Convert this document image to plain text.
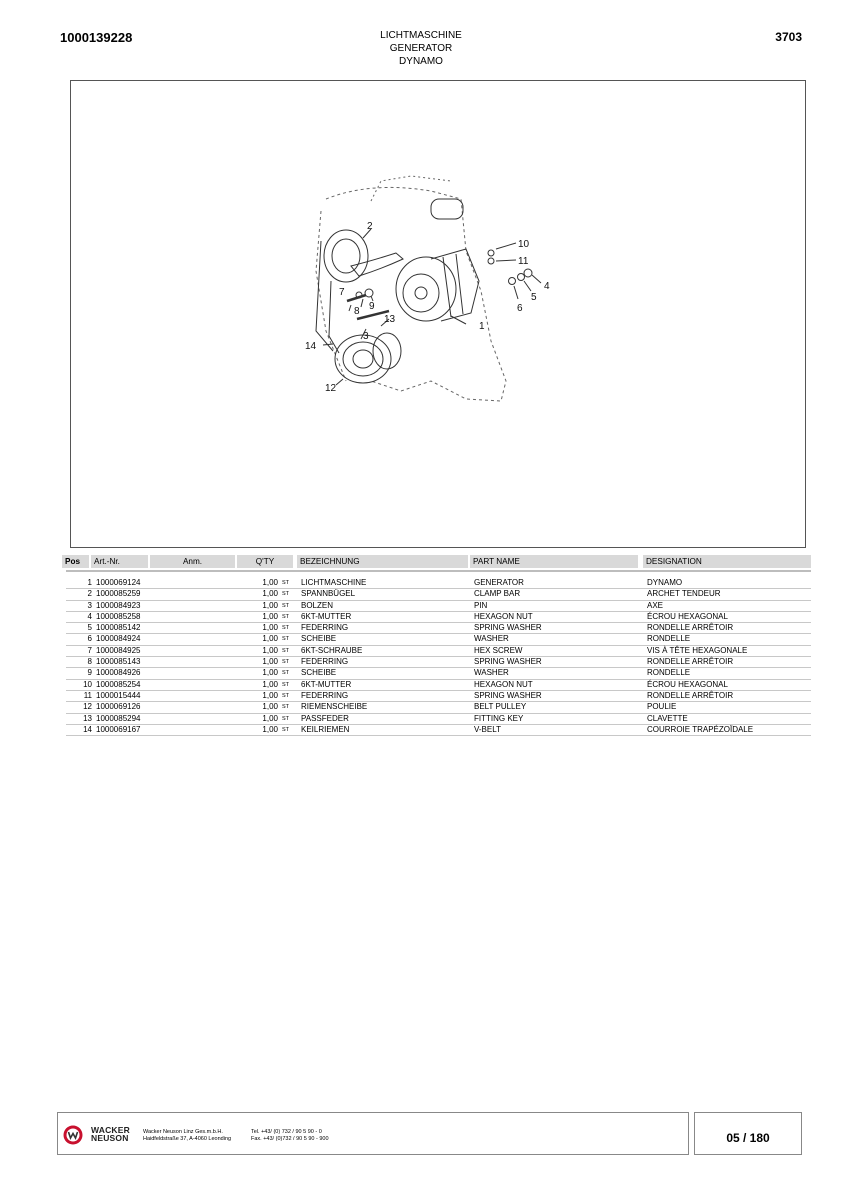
1000139228	LICHTMASCHINE
GENERATOR
DYNAMO
3703
10
11
4
5
6
2
9
8
7
13
3
1
14
12
Pos	Art.-Nr.	Anm.	Q'TY	BEZEICHNUNG	PART NAME	DESIGNATION
1 1000069124	1,00 ST LICHTMASCHINE	GENERATOR	DYNAMO
2 1000085259	1,00 ST SPANNBÜGEL	CLAMP BAR	ARCHET TENDEUR
3 1000084923	1,00 ST BOLZEN	PIN	AXE
4 1000085258	1,00 ST 6KT-MUTTER	HEXAGON NUT	ÉCROU HEXAGONAL
5 1000085142	1,00 ST FEDERRING	SPRING WASHER	RONDELLE ARRÊTOIR
6 1000084924	1,00 ST SCHEIBE	WASHER	RONDELLE
7 1000084925	1,00 ST 6KT-SCHRAUBE	HEX SCREW	VIS À TÊTE HEXAGONALE
8 1000085143	1,00 ST FEDERRING	SPRING WASHER	RONDELLE ARRÊTOIR
9 1000084926	1,00 ST SCHEIBE	WASHER	RONDELLE
10 1000085254	1,00 ST 6KT-MUTTER	HEXAGON NUT	ÉCROU HEXAGONAL
11 1000015444	1,00 ST FEDERRING	SPRING WASHER	RONDELLE ARRÊTOIR
12 1000069126	1,00 ST RIEMENSCHEIBE	BELT PULLEY	POULIE
13 1000085294	1,00 ST PASSFEDER	FITTING KEY	CLAVETTE
14 1000069167	1,00 ST KEILRIEMEN	V-BELT	COURROIE TRAPÉZOÏDALE
WACKER
NEUSON
Wacker Neuson Linz Ges.m.b.H.
Haidfeldstraße 37, A-4060 Leonding
Tel. +43/ (0) 732 / 90 5 90 - 0
Fax. +43/ (0)732 / 90 5 90 - 900	05 / 180
